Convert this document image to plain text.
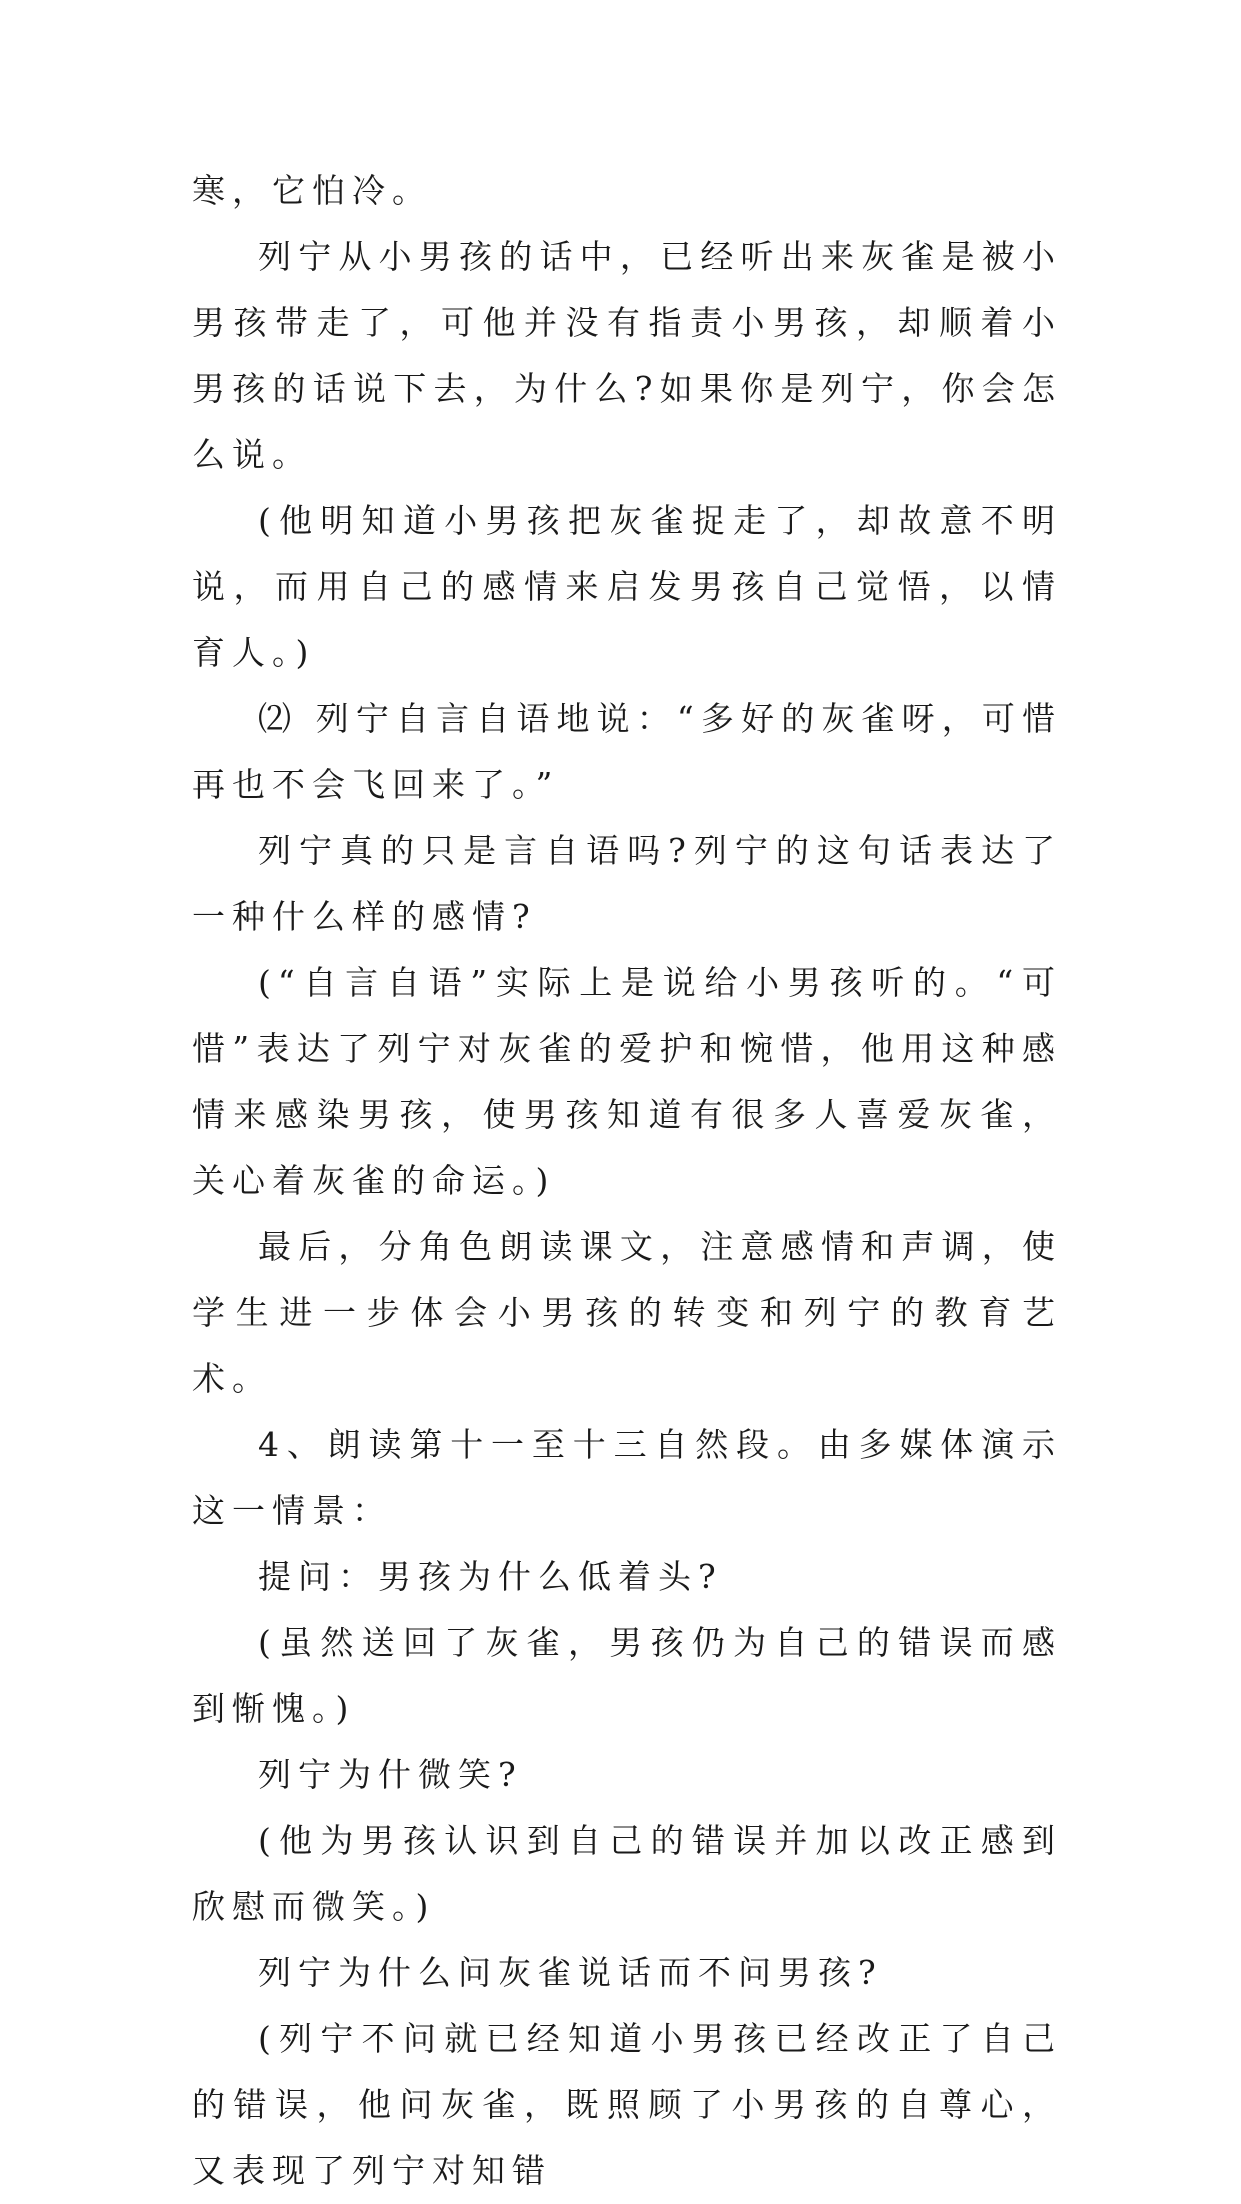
寒，它怕冷。

列宁从小男孩的话中，已经听出来灰雀是被小男孩带走了，可他并没有指责小男孩，却顺着小男孩的话说下去，为什么?如果你是列宁，你会怎么说。

(他明知道小男孩把灰雀捉走了，却故意不明说，而用自己的感情来启发男孩自己觉悟，以情育人。)

⑵ 列宁自言自语地说：“多好的灰雀呀，可惜再也不会飞回来了。”

列宁真的只是言自语吗?列宁的这句话表达了一种什么样的感情?

(“自言自语”实际上是说给小男孩听的。“可惜”表达了列宁对灰雀的爱护和惋惜，他用这种感情来感染男孩，使男孩知道有很多人喜爱灰雀，关心着灰雀的命运。)

最后，分角色朗读课文，注意感情和声调，使学生进一步体会小男孩的转变和列宁的教育艺术。

4、朗读第十一至十三自然段。由多媒体演示这一情景：

提问：男孩为什么低着头?

(虽然送回了灰雀，男孩仍为自己的错误而感到惭愧。)

列宁为什微笑?

(他为男孩认识到自己的错误并加以改正感到欣慰而微笑。)

列宁为什么问灰雀说话而不问男孩?

(列宁不问就已经知道小男孩已经改正了自己的错误，他问灰雀，既照顾了小男孩的自尊心，又表现了列宁对知错
